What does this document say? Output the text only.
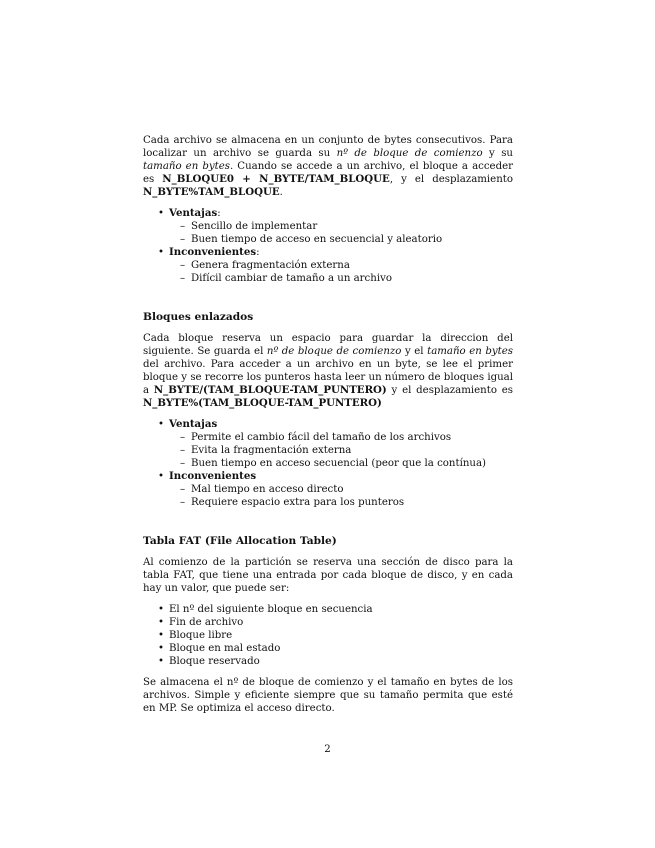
Cada archivo se almacena en un conjunto de bytes consecutivos. Para localizar un archivo se guarda su nº de bloque de comienzo y su tamaño en bytes. Cuando se accede a un archivo, el bloque a acceder es N_BLOQUE0 + N_BYTE/TAM_BLOQUE, y el desplazamiento N_BYTE%TAM_BLOQUE.

• Ventajas:
– Sencillo de implementar
– Buen tiempo de acceso en secuencial y aleatorio
• Inconvenientes:
– Genera fragmentación externa
– Difícil cambiar de tamaño a un archivo

Bloques enlazados

Cada bloque reserva un espacio para guardar la direccion del siguiente. Se guarda el nº de bloque de comienzo y el tamaño en bytes del archivo. Para acceder a un archivo en un byte, se lee el primer bloque y se recorre los punteros hasta leer un número de bloques igual a N_BYTE/(TAM_BLOQUE-TAM_PUNTERO) y el desplazamiento es N_BYTE%(TAM_BLOQUE-TAM_PUNTERO)

• Ventajas
– Permite el cambio fácil del tamaño de los archivos
– Evita la fragmentación externa
– Buen tiempo en acceso secuencial (peor que la contínua)
• Inconvenientes
– Mal tiempo en acceso directo
– Requiere espacio extra para los punteros

Tabla FAT (File Allocation Table)

Al comienzo de la partición se reserva una sección de disco para la tabla FAT, que tiene una entrada por cada bloque de disco, y en cada hay un valor, que puede ser:

• El nº del siguiente bloque en secuencia
• Fin de archivo
• Bloque libre
• Bloque en mal estado
• Bloque reservado

Se almacena el nº de bloque de comienzo y el tamaño en bytes de los archivos. Simple y eficiente siempre que su tamaño permita que esté en MP. Se optimiza el acceso directo.

2
